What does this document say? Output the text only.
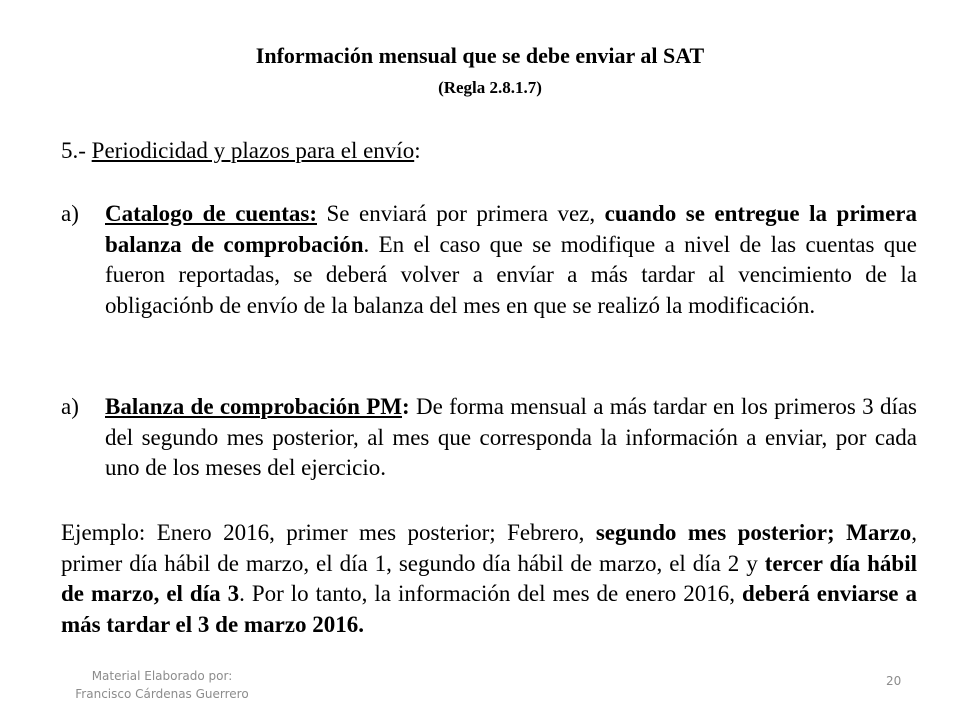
Información mensual que se debe enviar al SAT
(Regla 2.8.1.7)
5.- Periodicidad y plazos para el envío:
a) Catalogo de cuentas: Se enviará por primera vez, cuando se entregue la primera balanza de comprobación. En el caso que se modifique a nivel de las cuentas que fueron reportadas, se deberá volver a envíar a más tardar al vencimiento de la obligaciónb de envío de la balanza del mes en que se realizó la modificación.
a) Balanza de comprobación PM: De forma mensual a más tardar en los primeros 3 días del segundo mes posterior, al mes que corresponda la información a enviar, por cada uno de los meses del ejercicio.
Ejemplo: Enero 2016, primer mes posterior; Febrero, segundo mes posterior; Marzo, primer día hábil de marzo, el día 1, segundo día hábil de marzo, el día 2 y tercer día hábil de marzo, el día 3. Por lo tanto, la información del mes de enero 2016, deberá enviarse a más tardar el 3 de marzo 2016.
Material Elaborado por:
Francisco Cárdenas Guerrero
20
